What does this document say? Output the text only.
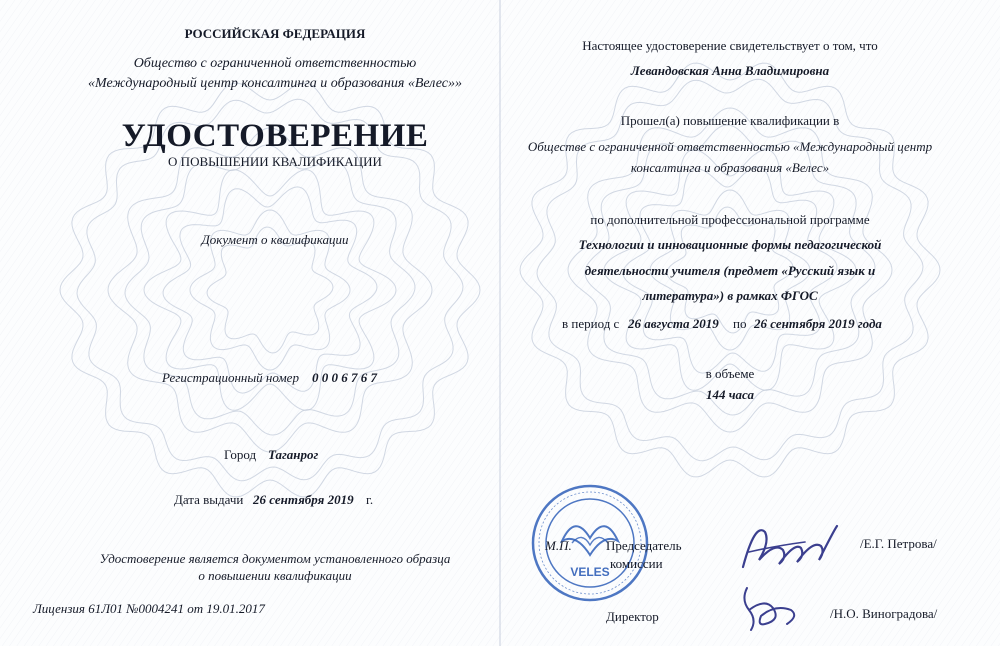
РОССИЙСКАЯ ФЕДЕРАЦИЯ
Общество с ограниченной ответственностью
«Международный центр консалтинга и образования «Велес»»
УДОСТОВЕРЕНИЕ
О ПОВЫШЕНИИ КВАЛИФИКАЦИИ
Документ о квалификации
Регистрационный номер 0 0 0 6 7 6 7
Город Таганрог
Дата выдачи 26 сентября 2019 г.
Удостоверение является документом установленного образца
о повышении квалификации
Лицензия 61Л01 №0004241 от 19.01.2017
Настоящее удостоверение свидетельствует о том, что
Левандовская Анна Владимировна
Прошел(а) повышение квалификации в
Обществе с ограниченной ответственностью «Международный центр
консалтинга и образования «Велес»
по дополнительной профессиональной программе
Технологии и инновационные формы педагогической
деятельности учителя (предмет «Русский язык и
литература») в рамках ФГОС
в период с 26 августа 2019 по 26 сентября 2019 года
в объеме
144 часа
VELES
М.П.	Председатель
комиссии
/Е.Г. Петрова/
Директор	/Н.О. Виноградова/
